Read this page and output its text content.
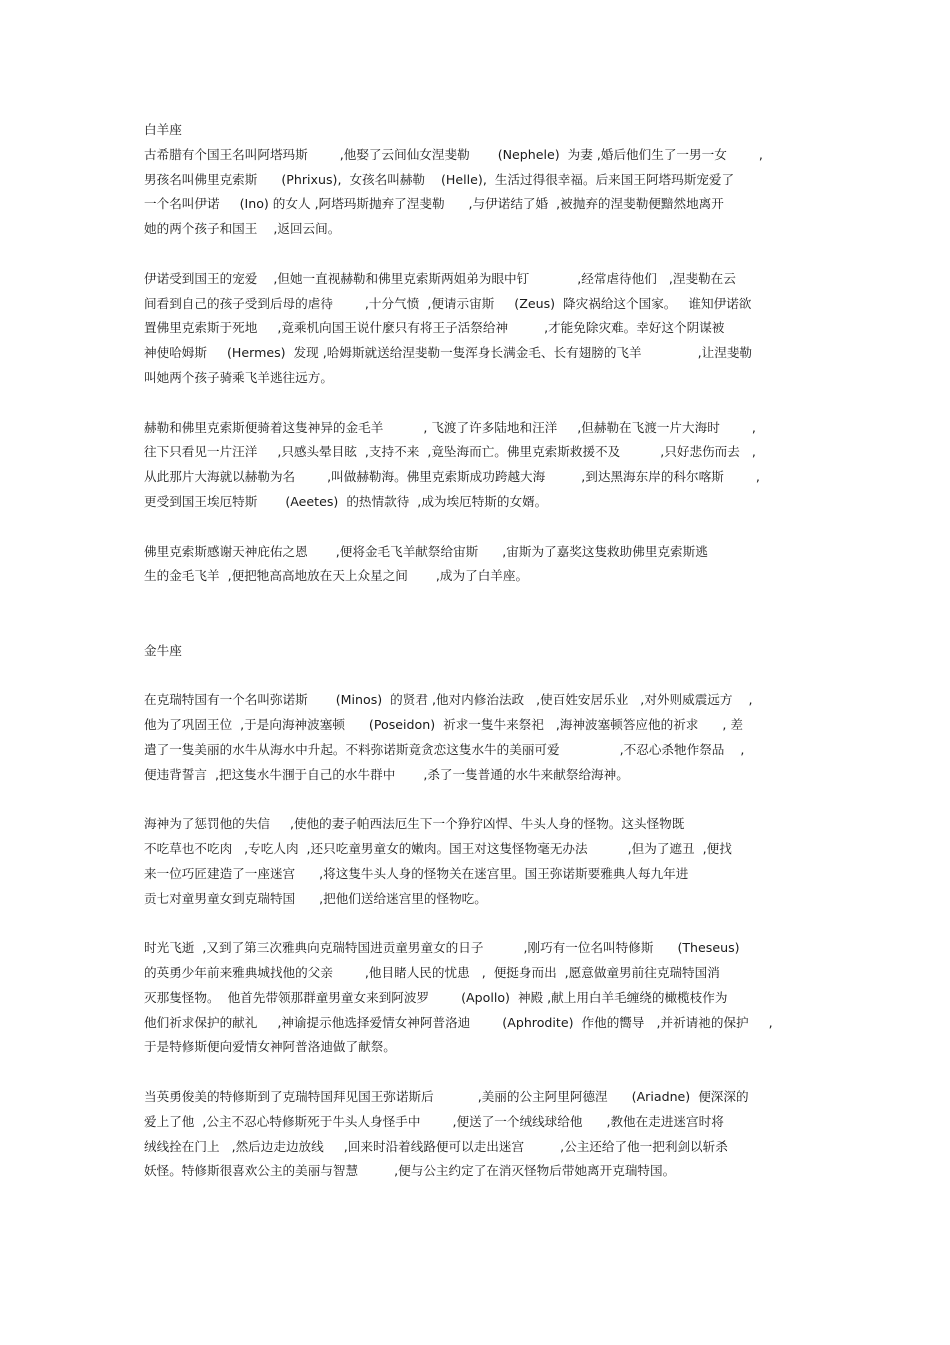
白羊座
古希腊有个国王名叫阿塔玛斯        ,他娶了云间仙女涅斐勒       (Nephele)  为妻 ,婚后他们生了一男一女        ,
男孩名叫佛里克索斯      (Phrixus),  女孩名叫赫勒    (Helle),  生活过得很幸福。后来国王阿塔玛斯宠爱了
一个名叫伊诺     (Ino) 的女人 ,阿塔玛斯抛弃了涅斐勒      ,与伊诺结了婚  ,被抛弃的涅斐勒便黯然地离开
她的两个孩子和国王    ,返回云间。
伊诺受到国王的宠爱    ,但她一直视赫勒和佛里克索斯两姐弟为眼中钉            ,经常虐待他们   ,涅斐勒在云
间看到自己的孩子受到后母的虐待        ,十分气愤  ,便请示宙斯     (Zeus)  降灾祸给这个国家。   谁知伊诺欲
置佛里克索斯于死地     ,竟乘机向国王说什麼只有将王子活祭给神         ,才能免除灾难。幸好这个阴谋被
神使哈姆斯     (Hermes)  发现 ,哈姆斯就送给涅斐勒一隻浑身长满金毛、长有翅膀的飞羊              ,让涅斐勒
叫她两个孩子骑乘飞羊逃往远方。
赫勒和佛里克索斯便骑着这隻神异的金毛羊          , 飞渡了许多陆地和汪洋     ,但赫勒在飞渡一片大海时        ,
往下只看见一片汪洋     ,只感头晕目眩  ,支持不来  ,竟坠海而亡。佛里克索斯救援不及          ,只好悲伤而去   ,
从此那片大海就以赫勒为名        ,叫做赫勒海。佛里克索斯成功跨越大海         ,到达黑海东岸的科尔喀斯        ,
更受到国王埃厄特斯       (Aeetes)  的热情款待  ,成为埃厄特斯的女婿。
佛里克索斯感谢天神庇佑之恩       ,便将金毛飞羊献祭给宙斯      ,宙斯为了嘉奖这隻救助佛里克索斯逃
生的金毛飞羊  ,便把牠高高地放在天上众星之间       ,成为了白羊座。
金牛座
在克瑞特国有一个名叫弥诺斯       (Minos)  的贤君 ,他对内修治法政   ,使百姓安居乐业   ,对外则威震远方    ,
他为了巩固王位  ,于是向海神波塞顿      (Poseidon)  祈求一隻牛来祭祀   ,海神波塞顿答应他的祈求      , 差
遣了一隻美丽的水牛从海水中升起。不料弥诺斯竟贪恋这隻水牛的美丽可爱               ,不忍心杀牠作祭品    ,
便违背誓言  ,把这隻水牛涠于自己的水牛群中       ,杀了一隻普通的水牛来献祭给海神。
海神为了惩罚他的失信     ,使他的妻子帕西法厄生下一个狰狞凶悍、牛头人身的怪物。这头怪物既
不吃草也不吃肉   ,专吃人肉  ,还只吃童男童女的嫩肉。国王对这隻怪物毫无办法          ,但为了遮丑  ,便找
来一位巧匠建造了一座迷宫      ,将这隻牛头人身的怪物关在迷宫里。国王弥诺斯要雅典人每九年进
贡七对童男童女到克瑞特国      ,把他们送给迷宫里的怪物吃。
时光飞逝  ,又到了第三次雅典向克瑞特国进贡童男童女的日子          ,刚巧有一位名叫特修斯      (Theseus)
的英勇少年前来雅典城找他的父亲        ,他目睹人民的忧患   ,  便挺身而出  ,愿意做童男前往克瑞特国消
灭那隻怪物。  他首先带领那群童男童女来到阿波罗        (Apollo)  神殿 ,献上用白羊毛缠绕的橄榄枝作为
他们祈求保护的献礼     ,神谕提示他选择爱情女神阿普洛迪        (Aphrodite)  作他的嚮导   ,并祈请祂的保护     ,
于是特修斯便向爱情女神阿普洛迪做了献祭。
当英勇俊美的特修斯到了克瑞特国拜见国王弥诺斯后           ,美丽的公主阿里阿德涅      (Ariadne)  便深深的
爱上了他  ,公主不忍心特修斯死于牛头人身怪手中        ,便送了一个绒线球给他      ,教他在走进迷宫时将
绒线拴在门上   ,然后边走边放线     ,回来时沿着线路便可以走出迷宫         ,公主还给了他一把利剑以斩杀
妖怪。特修斯很喜欢公主的美丽与智慧         ,便与公主约定了在消灭怪物后带她离开克瑞特国。
